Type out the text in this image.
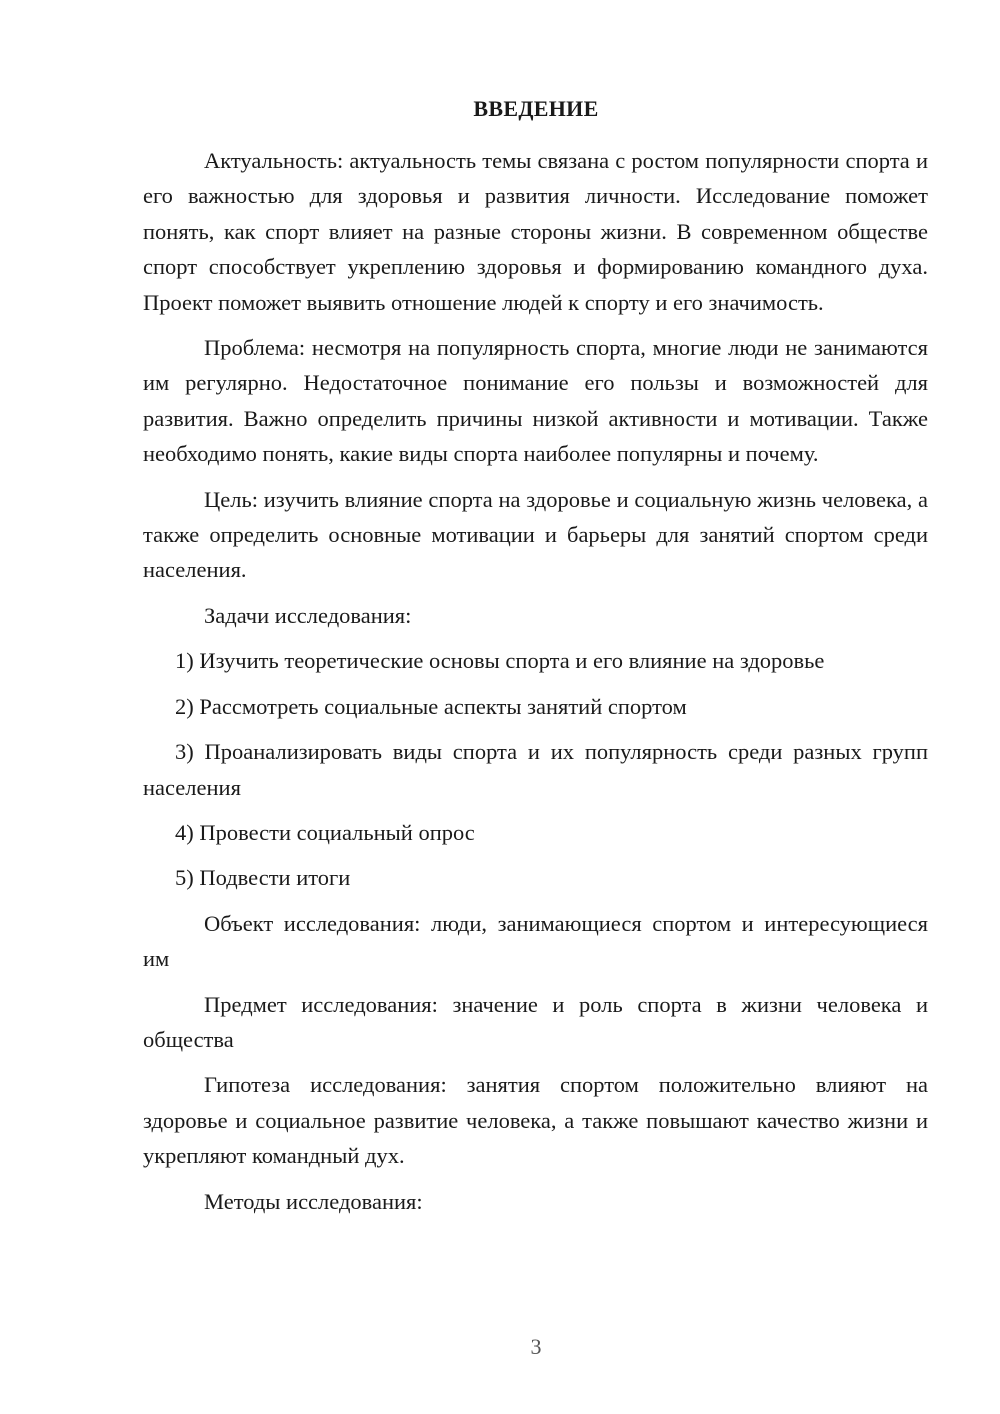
ВВЕДЕНИЕ

Актуальность: актуальность темы связана с ростом популярности спорта и его важностью для здоровья и развития личности. Исследование поможет понять, как спорт влияет на разные стороны жизни. В современном обществе спорт способствует укреплению здоровья и формированию командного духа. Проект поможет выявить отношение людей к спорту и его значимость.

Проблема: несмотря на популярность спорта, многие люди не занимаются им регулярно. Недостаточное понимание его пользы и возможностей для развития. Важно определить причины низкой активности и мотивации. Также необходимо понять, какие виды спорта наиболее популярны и почему.

Цель: изучить влияние спорта на здоровье и социальную жизнь человека, а также определить основные мотивации и барьеры для занятий спортом среди населения.

Задачи исследования:

1) Изучить теоретические основы спорта и его влияние на здоровье

2) Рассмотреть социальные аспекты занятий спортом

3) Проанализировать виды спорта и их популярность среди разных групп населения

4) Провести социальный опрос

5) Подвести итоги

Объект исследования: люди, занимающиеся спортом и интересующиеся им

Предмет исследования: значение и роль спорта в жизни человека и общества

Гипотеза исследования: занятия спортом положительно влияют на здоровье и социальное развитие человека, а также повышают качество жизни и укрепляют командный дух.

Методы исследования:

3
